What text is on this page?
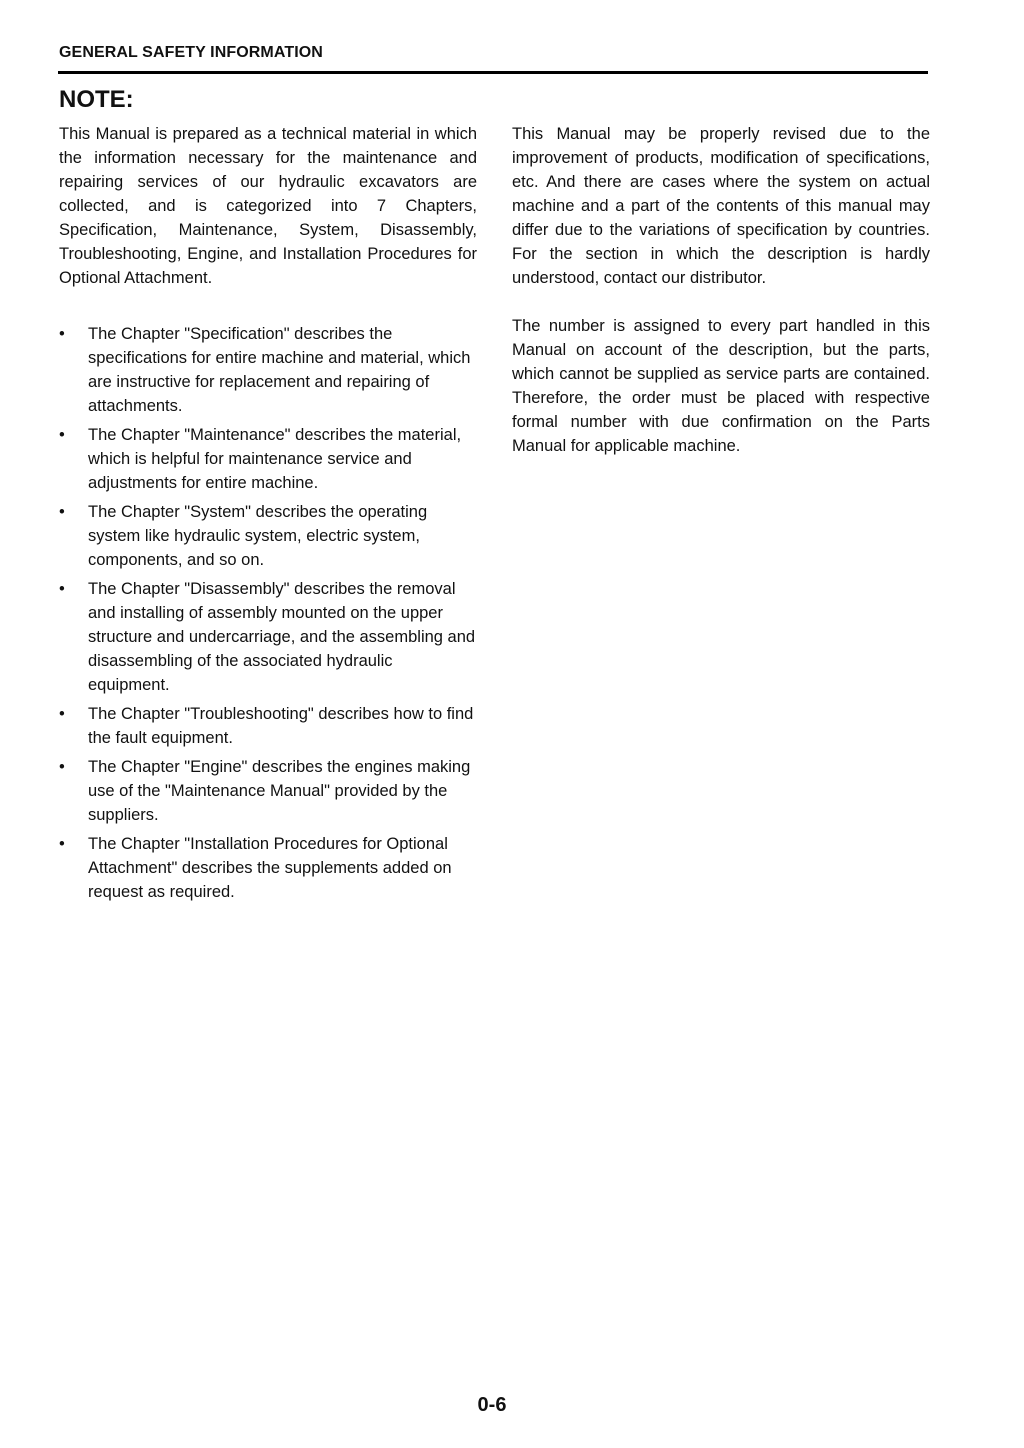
GENERAL SAFETY INFORMATION
NOTE:

This Manual is prepared as a technical material in which the information necessary for the maintenance and repairing services of our hydraulic excavators are collected, and is categorized into 7 Chapters, Specification, Maintenance, System, Disassembly, Troubleshooting, Engine, and Installation Procedures for Optional Attachment.

• The Chapter "Specification" describes the specifications for entire machine and material, which are instructive for replacement and repairing of attachments.
• The Chapter "Maintenance" describes the material, which is helpful for maintenance service and adjustments for entire machine.
• The Chapter "System" describes the operating system like hydraulic system, electric system, components, and so on.
• The Chapter "Disassembly" describes the removal and installing of assembly mounted on the upper structure and undercarriage, and the assembling and disassembling of the associated hydraulic equipment.
• The Chapter "Troubleshooting" describes how to find the fault equipment.
• The Chapter "Engine" describes the engines making use of the "Maintenance Manual" provided by the suppliers.
• The Chapter "Installation Procedures for Optional Attachment" describes the supplements added on request as required.

This Manual may be properly revised due to the improvement of products, modification of specifications, etc. And there are cases where the system on actual machine and a part of the contents of this manual may differ due to the variations of specification by countries. For the section in which the description is hardly understood, contact our distributor.

The number is assigned to every part handled in this Manual on account of the description, but the parts, which cannot be supplied as service parts are contained. Therefore, the order must be placed with respective formal number with due confirmation on the Parts Manual for applicable machine.

0-6
